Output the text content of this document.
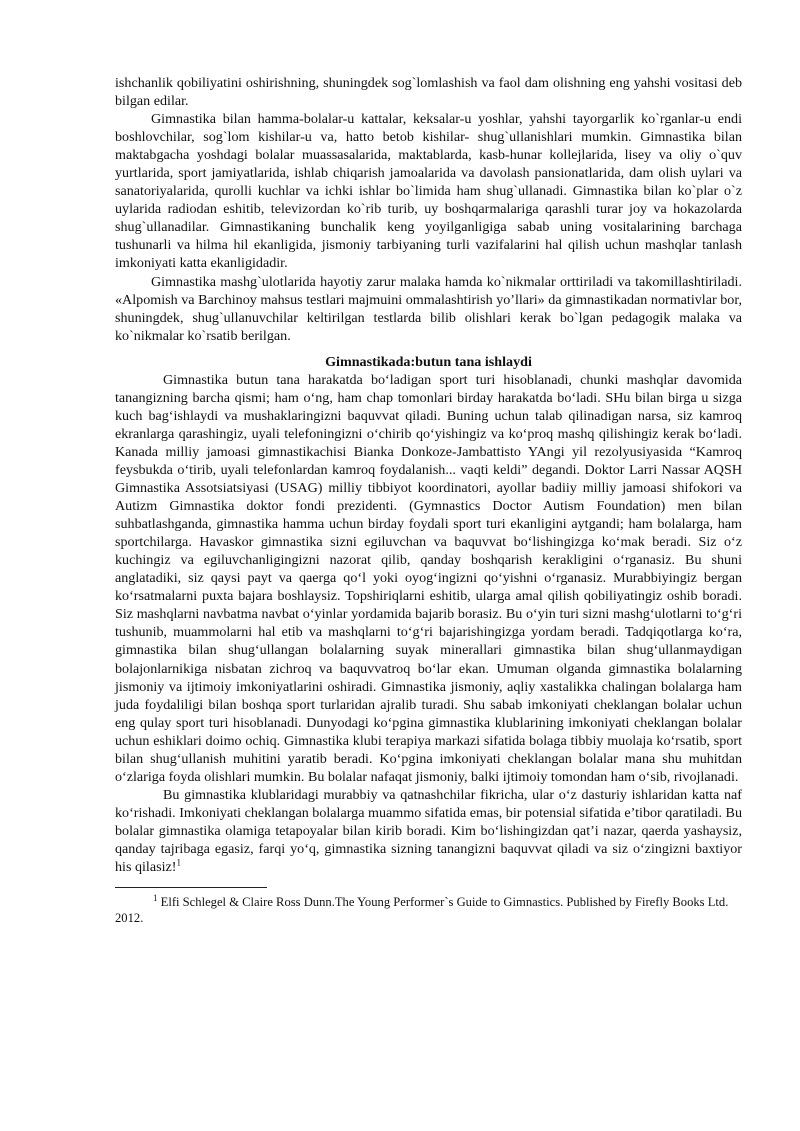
ishchanlik qobiliyatini oshirishning, shuningdek sog`lomlashish va faol dam olishning eng yahshi vositasi deb bilgan edilar.

Gimnastika bilan hamma-bolalar-u kattalar, keksalar-u yoshlar, yahshi tayorgarlik ko`rganlar-u endi boshlovchilar, sog`lom kishilar-u va, hatto betob kishilar- shug`ullanishlari mumkin. Gimnastika bilan maktabgacha yoshdagi bolalar muassasalarida, maktablarda, kasb-hunar kollejlarida, lisey va oliy o`quv yurtlarida, sport jamiyatlarida, ishlab chiqarish jamoalarida va davolash pansionatlarida, dam olish uylari va sanatoriyalarida, qurolli kuchlar va ichki ishlar bo`limida ham shug`ullanadi. Gimnastika bilan ko`plar o`z uylarida radiodan eshitib, televizordan ko`rib turib, uy boshqarmalariga qarashli turar joy va hokazolarda shug`ullanadilar. Gimnastikaning bunchalik keng yoyilganligiga sabab uning vositalarining barchaga tushunarli va hilma hil ekanligida, jismoniy tarbiyaning turli vazifalarini hal qilish uchun mashqlar tanlash imkoniyati katta ekanligidadir.

Gimnastika mashg`ulotlarida hayotiy zarur malaka hamda ko`nikmalar orttiriladi va takomillashtiriladi. «Alpomish va Barchinoy mahsus testlari majmuini ommalashtirish yo’llari» da gimnastikadan normativlar bor, shuningdek, shug`ullanuvchilar keltirilgan testlarda bilib olishlari kerak bo`lgan pedagogik malaka va ko`nikmalar ko`rsatib berilgan.

Gimnastikada:butun tana ishlaydi

Gimnastika butun tana harakatda boʻladigan sport turi hisoblanadi, chunki mashqlar davomida tanangizning barcha qismi; ham oʻng, ham chap tomonlari birday harakatda boʻladi. SHu bilan birga u sizga kuch bagʻishlaydi va mushaklaringizni baquvvat qiladi. Buning uchun talab qilinadigan narsa, siz kamroq ekranlarga qarashingiz, uyali telefoningizni oʻchirib qoʻyishingiz va koʻproq mashq qilishingiz kerak boʻladi. Kanada milliy jamoasi gimnastikachisi Bianka Donkoze-Jambattisto YAngi yil rezolyusiyasida “Kamroq feysbukda oʻtirib, uyali telefonlardan kamroq foydalanish... vaqti keldi” degandi. Doktor Larri Nassar AQSH Gimnastika Assotsiatsiyasi (USAG) milliy tibbiyot koordinatori, ayollar badiiy milliy jamoasi shifokori va Autizm Gimnastika doktor fondi prezidenti. (Gymnastics Doctor Autism Foundation) men bilan suhbatlashganda, gimnastika hamma uchun birday foydali sport turi ekanligini aytgandi; ham bolalarga, ham sportchilarga. Havaskor gimnastika sizni egiluvchan va baquvvat boʻlishingizga koʻmak beradi. Siz oʻz kuchingiz va egiluvchanligingizni nazorat qilib, qanday boshqarish kerakligini oʻrganasiz. Bu shuni anglatadiki, siz qaysi payt va qaerga qoʻl yoki oyogʻingizni qoʻyishni oʻrganasiz. Murabbiyingiz bergan koʻrsatmalarni puxta bajara boshlaysiz. Topshiriqlarni eshitib, ularga amal qilish qobiliyatingiz oshib boradi. Siz mashqlarni navbatma navbat oʻyinlar yordamida bajarib borasiz. Bu oʻyin turi sizni mashgʻulotlarni toʻgʻri tushunib, muammolarni hal etib va mashqlarni toʻgʻri bajarishingizga yordam beradi. Tadqiqotlarga koʻra, gimnastika bilan shugʻullangan bolalarning suyak minerallari gimnastika bilan shugʻullanmaydigan bolajonlarnikiga nisbatan zichroq va baquvvatroq boʻlar ekan. Umuman olganda gimnastika bolalarning jismoniy va ijtimoiy imkoniyatlarini oshiradi. Gimnastika jismoniy, aqliy xastalikka chalingan bolalarga ham juda foydaliligi bilan boshqa sport turlaridan ajralib turadi. Shu sabab imkoniyati cheklangan bolalar uchun eng qulay sport turi hisoblanadi. Dunyodagi koʻpgina gimnastika klublarining imkoniyati cheklangan bolalar uchun eshiklari doimo ochiq. Gimnastika klubi terapiya markazi sifatida bolaga tibbiy muolaja koʻrsatib, sport bilan shugʻullanish muhitini yaratib beradi. Koʻpgina imkoniyati cheklangan bolalar mana shu muhitdan oʻzlariga foyda olishlari mumkin. Bu bolalar nafaqat jismoniy, balki ijtimoiy tomondan ham oʻsib, rivojlanadi.

Bu gimnastika klublaridagi murabbiy va qatnashchilar fikricha, ular oʻz dasturiy ishlaridan katta naf koʻrishadi. Imkoniyati cheklangan bolalarga muammo sifatida emas, bir potensial sifatida e’tibor qaratiladi. Bu bolalar gimnastika olamiga tetapoyalar bilan kirib boradi. Kim boʻlishingizdan qat’i nazar, qaerda yashaysiz, qanday tajribaga egasiz, farqi yoʻq, gimnastika sizning tanangizni baquvvat qiladi va siz oʻzingizni baxtiyor his qilasiz!$^1$

$^1$ Elfi Schlegel & Claire Ross Dunn.The Young Performer`s Guide to Gimnastics. Published by Firefly Books Ltd. 2012.
